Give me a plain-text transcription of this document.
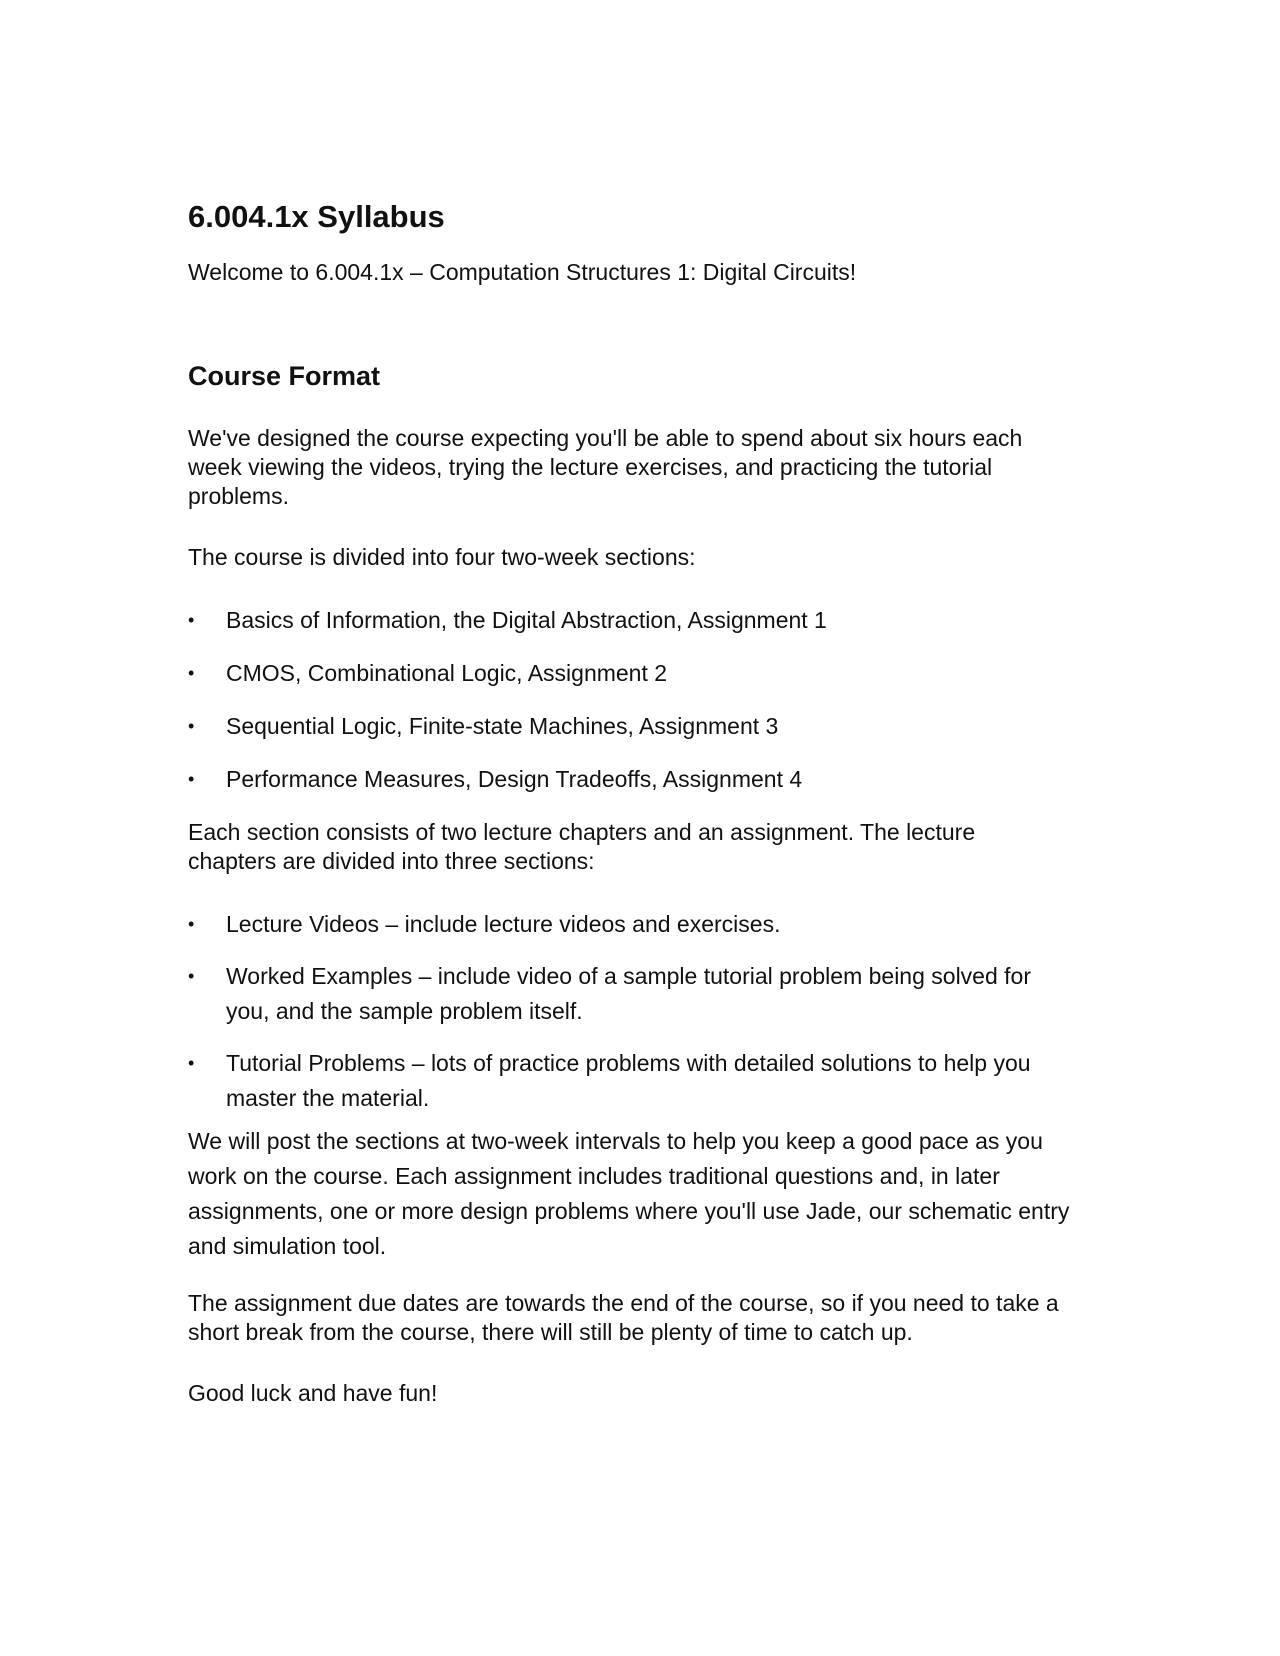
6.004.1x Syllabus

Welcome to 6.004.1x – Computation Structures 1: Digital Circuits!

Course Format

We've designed the course expecting you'll be able to spend about six hours each week viewing the videos, trying the lecture exercises, and practicing the tutorial problems.

The course is divided into four two-week sections:

• Basics of Information, the Digital Abstraction, Assignment 1
• CMOS, Combinational Logic, Assignment 2
• Sequential Logic, Finite-state Machines, Assignment 3
• Performance Measures, Design Tradeoffs, Assignment 4

Each section consists of two lecture chapters and an assignment. The lecture chapters are divided into three sections:

• Lecture Videos – include lecture videos and exercises.
• Worked Examples – include video of a sample tutorial problem being solved for you, and the sample problem itself.
• Tutorial Problems – lots of practice problems with detailed solutions to help you master the material.

We will post the sections at two-week intervals to help you keep a good pace as you work on the course. Each assignment includes traditional questions and, in later assignments, one or more design problems where you'll use Jade, our schematic entry and simulation tool.

The assignment due dates are towards the end of the course, so if you need to take a short break from the course, there will still be plenty of time to catch up.

Good luck and have fun!
